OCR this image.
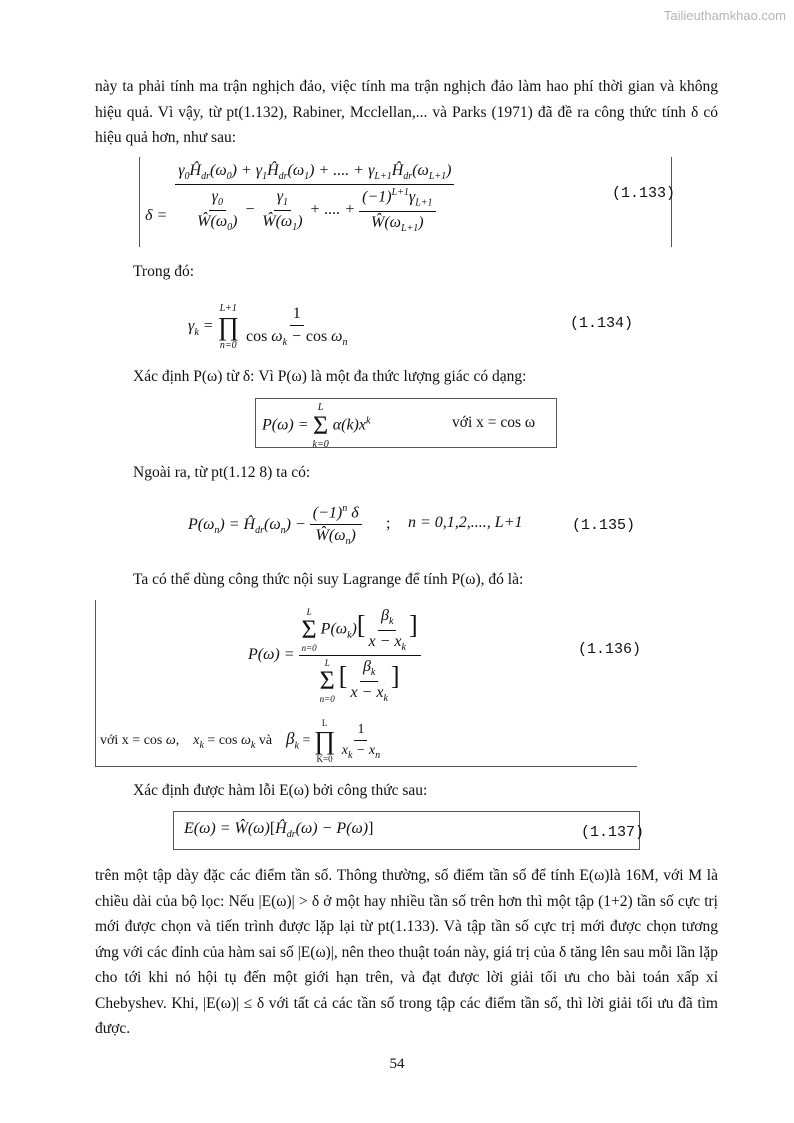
Tailieuthamkhao.com
này ta phải tính ma trận nghịch đảo, việc tính ma trận nghịch đảo làm hao phí thời gian và không hiệu quả. Vì vậy, từ pt(1.132), Rabiner, Mcclellan,... và Parks (1971) đã đề ra công thức tính δ có hiệu quả hơn, như sau:
δ =
$\gamma_0Ĥ_{dr}(\omega_0)$ + $\gamma_1Ĥ_{dr}(\omega_1)$ + .... + $\gamma_{L+1}Ĥ_{dr}(\omega_{L+1})$
$\frac{\gamma_0}{Ŵ(\omega_0)} - \frac{\gamma_1}{Ŵ(\omega_1)}$ + .... + $\frac{(-1)^{L+1}\gamma_{L+1}}{Ŵ(\omega_{L+1})}$	(1.133)
Trong đó:
$\gamma_k$ =
L+1
∏
n=0
$\frac{1}{\cos \omega_k - \cos \omega_n}$	(1.134)
Xác định P(ω) từ δ: Vì P(ω) là một đa thức lượng giác có dạng:
P(ω) =
L
Σ
k=0
$\alpha(k)x^k$	với x = cos ω
Ngoài ra, từ pt(1.12 8) ta có:
$P(\omega_n)$ = $Ĥ_{dr}(\omega_n) - \frac{(-1)^n \delta}{Ŵ(\omega_n)}$ ; n = 0,1,2,...., L+1	(1.135)
Ta có thể dùng công thức nội suy Lagrange để tính P(ω), đó là:
P(ω) = L
Σ
n=0
$P(\omega_k)[ \frac{\beta_k}{x - x_k}$ ]
L
Σ
n=0
[ $\frac{\beta_k}{x - x_k}$ ]	(1.136)
với x = cos ω,    $x_k = \cos \omega_k$ và    $\beta_k$ =
L
∏
K=0
$\frac{1}{x_k - x_n}$
Xác định được hàm lỗi E(ω) bởi công thức sau:
$E(\omega) = Ŵ(\omega)[Ĥ_{dr}(\omega) - P(\omega)]$	(1.137)
trên một tập dày đặc các điểm tần số. Thông thường, số điểm tần số để tính E(ω)là 16M, với M là chiều dài của bộ lọc: Nếu |E(ω)| > δ ở một hay nhiều tần số trên hơn thì một tập (1+2) tần số cực trị mới được chọn và tiến trình được lặp lại từ pt(1.133). Và tập tần số cực trị mới được chọn tương ứng với các đỉnh của hàm sai số |E(ω)|, nên theo thuật toán này, giá trị của δ tăng lên sau mỗi lần lặp cho tới khi nó hội tụ đến một giới hạn trên, và đạt được lời giải tối ưu cho bài toán xấp xỉ Chebyshev. Khi, |E(ω)| ≤ δ với tất cả các tần số trong tập các điểm tần số, thì lời giải tối ưu đã tìm được.
54
